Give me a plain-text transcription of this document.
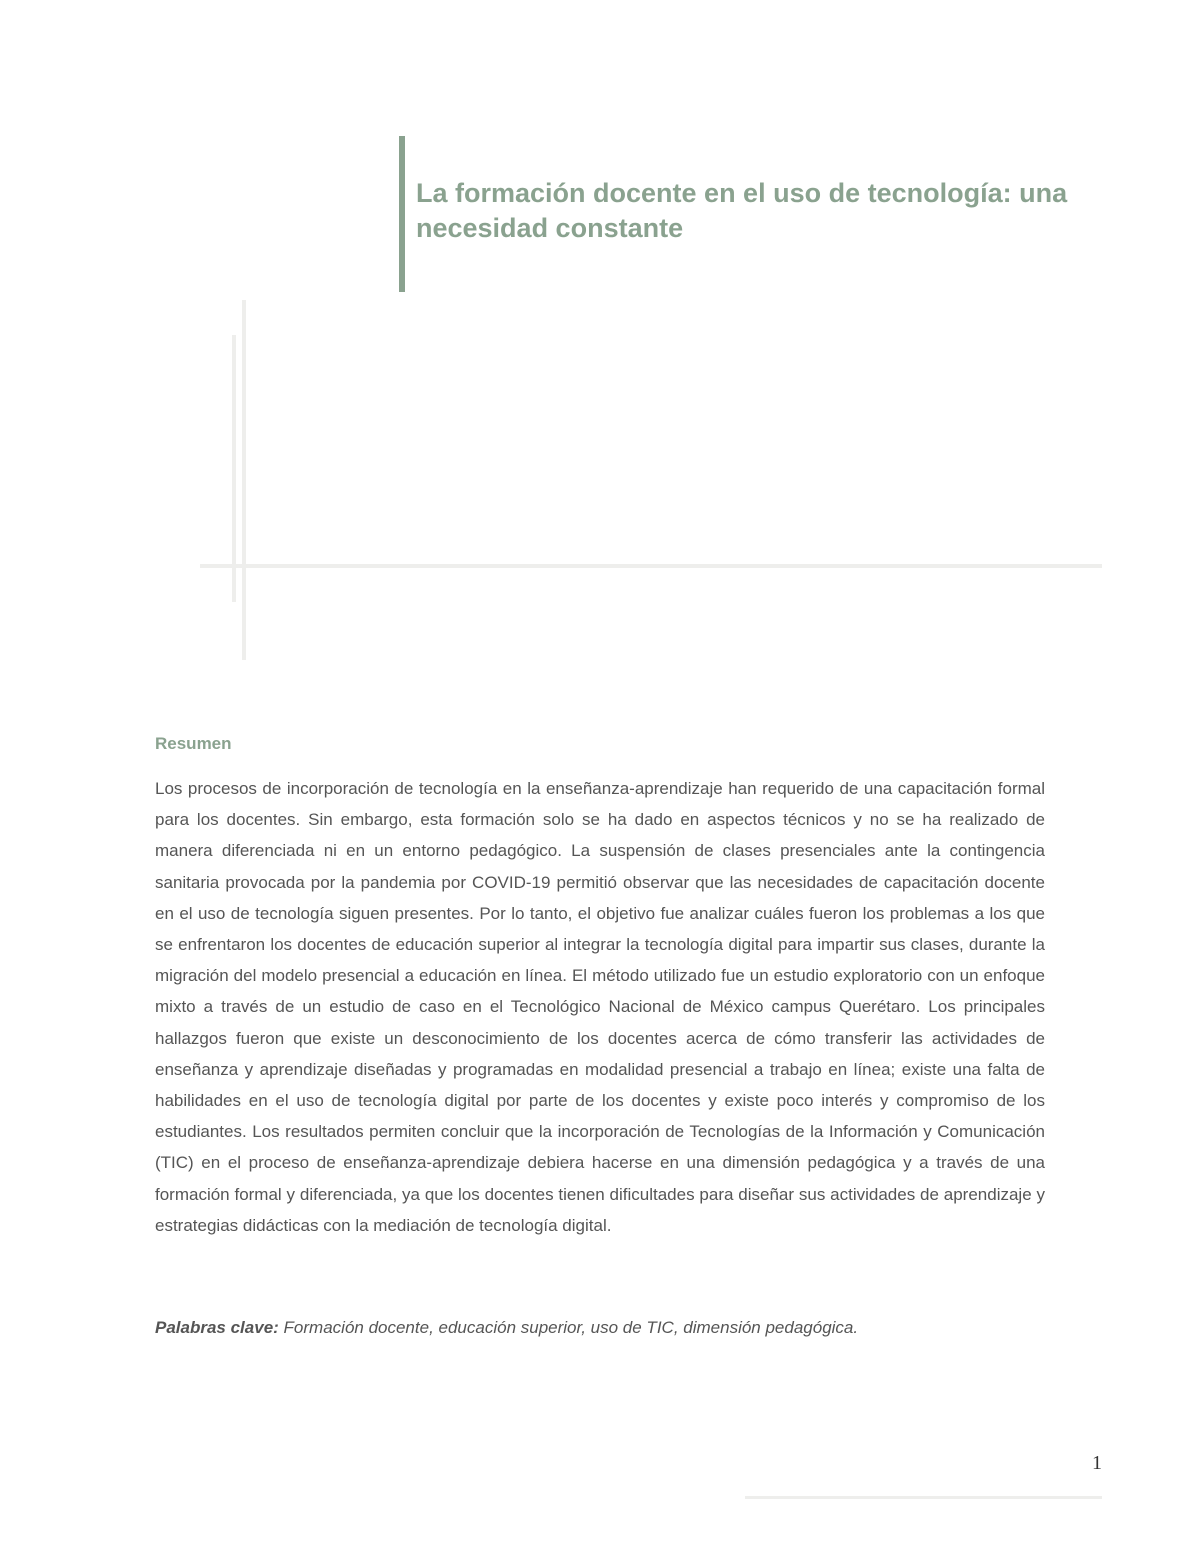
La formación docente en el uso de tecnología: una necesidad constante
Resumen

Los procesos de incorporación de tecnología en la enseñanza-aprendizaje han requerido de una capacitación formal para los docentes. Sin embargo, esta formación solo se ha dado en aspectos técnicos y no se ha realizado de manera diferenciada ni en un entorno pedagógico. La suspensión de clases presenciales ante la contingencia sanitaria provocada por la pandemia por COVID-19 permitió observar que las necesidades de capacitación docente en el uso de tecnología siguen presentes. Por lo tanto, el objetivo fue analizar cuáles fueron los problemas a los que se enfrentaron los docentes de educación superior al integrar la tecnología digital para impartir sus clases, durante la migración del modelo presencial a educación en línea. El método utilizado fue un estudio exploratorio con un enfoque mixto a través de un estudio de caso en el Tecnológico Nacional de México campus Querétaro. Los principales hallazgos fueron que existe un desconocimiento de los docentes acerca de cómo transferir las actividades de enseñanza y aprendizaje diseñadas y programadas en modalidad presencial a trabajo en línea; existe una falta de habilidades en el uso de tecnología digital por parte de los docentes y existe poco interés y compromiso de los estudiantes. Los resultados permiten concluir que la incorporación de Tecnologías de la Información y Comunicación (TIC) en el proceso de enseñanza-aprendizaje debiera hacerse en una dimensión pedagógica y a través de una formación formal y diferenciada, ya que los docentes tienen dificultades para diseñar sus actividades de aprendizaje y estrategias didácticas con la mediación de tecnología digital.

Palabras clave: Formación docente, educación superior, uso de TIC, dimensión pedagógica.

1
